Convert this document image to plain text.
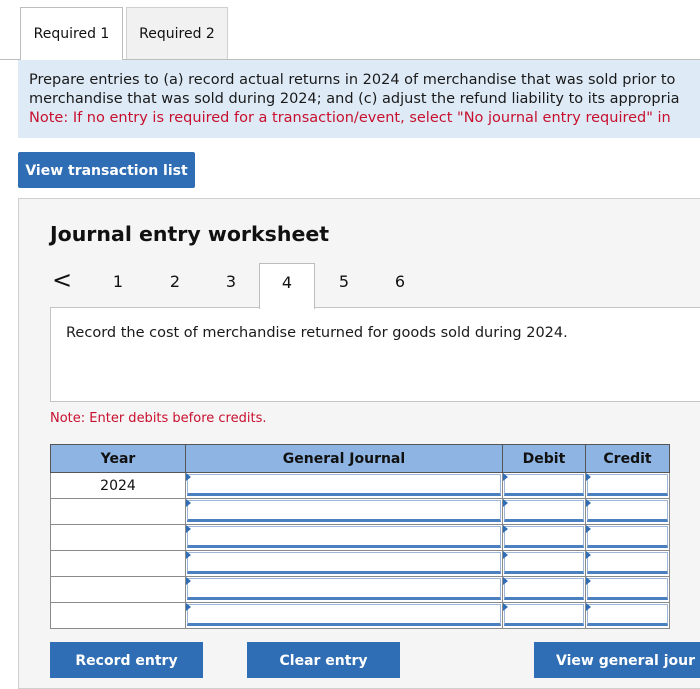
Required 1	Required 2
Prepare entries to (a) record actual returns in 2024 of merchandise that was sold prior to
merchandise that was sold during 2024; and (c) adjust the refund liability to its appropria
Note: If no entry is required for a transaction/event, select "No journal entry required" in
View transaction list
Journal entry worksheet
<	1	2	3	4	5	6
Record the cost of merchandise returned for goods sold during 2024.
Note: Enter debits before credits.
Year	General Journal	Debit	Credit
2024	

Record entry	Clear entry	View general jour
